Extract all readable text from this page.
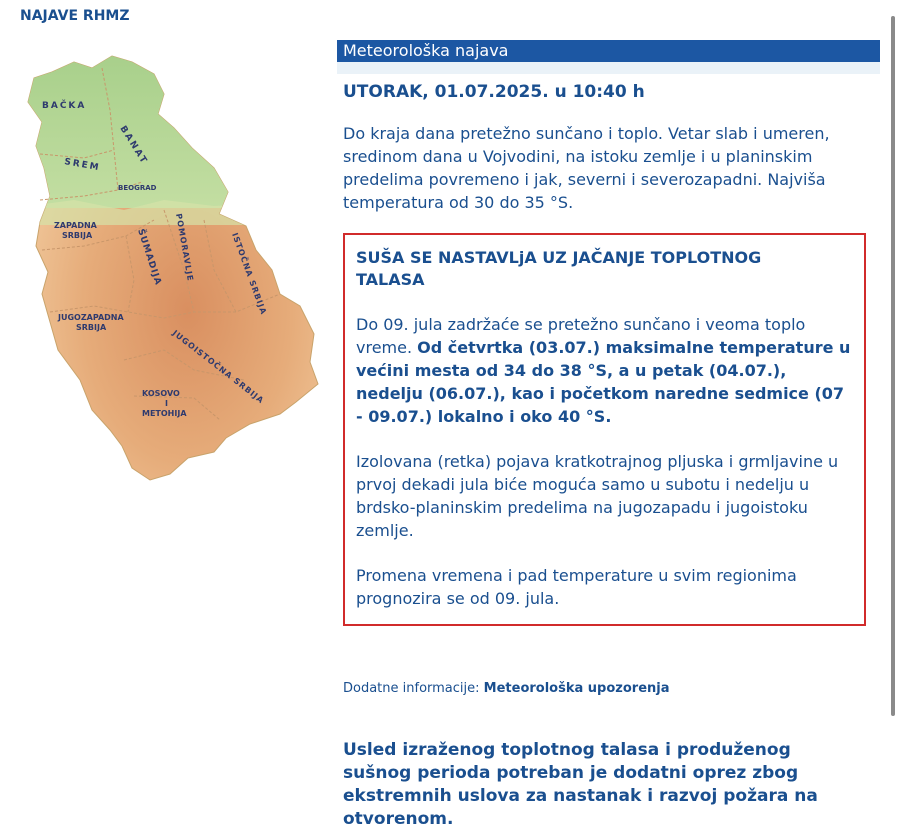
NAJAVE RHMZ
BAČKA
BANAT
SREM
BEOGRAD
ZAPADNA
SRBIJA	ŠUMADIJA POMORAVLJE	ISTOČNA SRBIJA
JUGOZAPADNA
SRBIJA
JUGOISTOČNA SRBIJA
KOSOVO
I
METOHIJA
Meteorološka najava
UTORAK, 01.07.2025. u 10:40 h
Do kraja dana pretežno sunčano i toplo. Vetar slab i umeren, sredinom dana u Vojvodini, na istoku zemlje i u planinskim predelima povremeno i jak, severni i severozapadni. Najviša temperatura od 30 do 35 °S.
SUŠA SE NASTAVLjA UZ JAČANJE TOPLOTNOG TALASA
Do 09. jula zadržaće se pretežno sunčano i veoma toplo vreme. Od četvrtka (03.07.) maksimalne temperature u većini mesta od 34 do 38 °S, a u petak (04.07.), nedelju (06.07.), kao i početkom naredne sedmice (07 - 09.07.) lokalno i oko 40 °S.
Izolovana (retka) pojava kratkotrajnog pljuska i grmljavine u prvoj dekadi jula biće moguća samo u subotu i nedelju u brdsko-planinskim predelima na jugozapadu i jugoistoku zemlje.
Promena vremena i pad temperature u svim regionima prognozira se od 09. jula.
Dodatne informacije: Meteorološka upozorenja
Usled izraženog toplotnog talasa i produženog sušnog perioda potreban je dodatni oprez zbog ekstremnih uslova za nastanak i razvoj požara na otvorenom.
